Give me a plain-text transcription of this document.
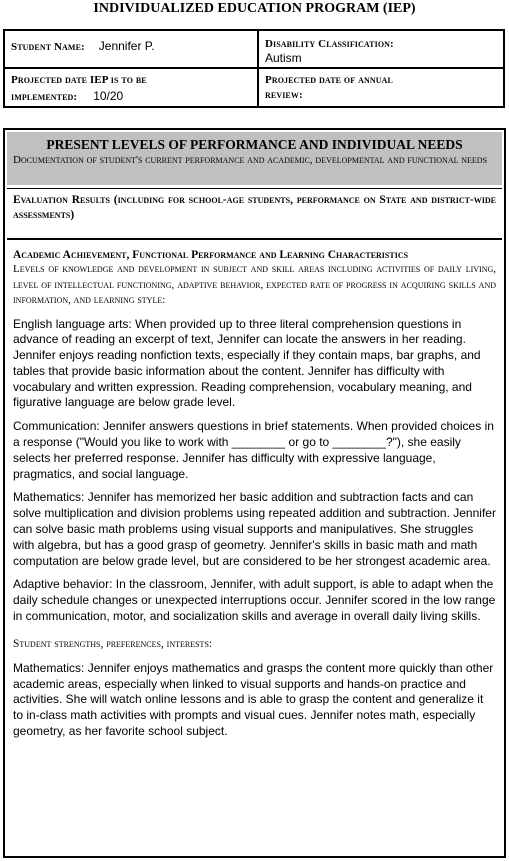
INDIVIDUALIZED EDUCATION PROGRAM (IEP)
Student Name: Jennifer P.	Disability Classification:
Autism
Projected date IEP is to be
implemented: 10/20
Projected date of annual
review:
PRESENT LEVELS OF PERFORMANCE AND INDIVIDUAL NEEDS
Documentation of student's current performance and academic, developmental and functional needs
Evaluation Results (including for school-age students, performance on State and district-wide assessments)

Academic Achievement, Functional Performance and Learning Characteristics

Levels of knowledge and development in subject and skill areas including activities of daily living, level of intellectual functioning, adaptive behavior, expected rate of progress in acquiring skills and information, and learning style:

English language arts: When provided up to three literal comprehension questions in advance of reading an excerpt of text, Jennifer can locate the answers in her reading. Jennifer enjoys reading nonfiction texts, especially if they contain maps, bar graphs, and tables that provide basic information about the content. Jennifer has difficulty with vocabulary and written expression. Reading comprehension, vocabulary meaning, and figurative language are below grade level.

Communication: Jennifer answers questions in brief statements. When provided choices in a response ("Would you like to work with ________ or go to ________?"), she easily selects her preferred response. Jennifer has difficulty with expressive language, pragmatics, and social language.

Mathematics: Jennifer has memorized her basic addition and subtraction facts and can solve multiplication and division problems using repeated addition and subtraction. Jennifer can solve basic math problems using visual supports and manipulatives. She struggles with algebra, but has a good grasp of geometry. Jennifer's skills in basic math and math computation are below grade level, but are considered to be her strongest academic area.

Adaptive behavior: In the classroom, Jennifer, with adult support, is able to adapt when the daily schedule changes or unexpected interruptions occur. Jennifer scored in the low range in communication, motor, and socialization skills and average in overall daily living skills.

Student strengths, preferences, interests:

Mathematics: Jennifer enjoys mathematics and grasps the content more quickly than other academic areas, especially when linked to visual supports and hands-on practice and activities. She will watch online lessons and is able to grasp the content and generalize it to in-class math activities with prompts and visual cues. Jennifer notes math, especially geometry, as her favorite school subject.
